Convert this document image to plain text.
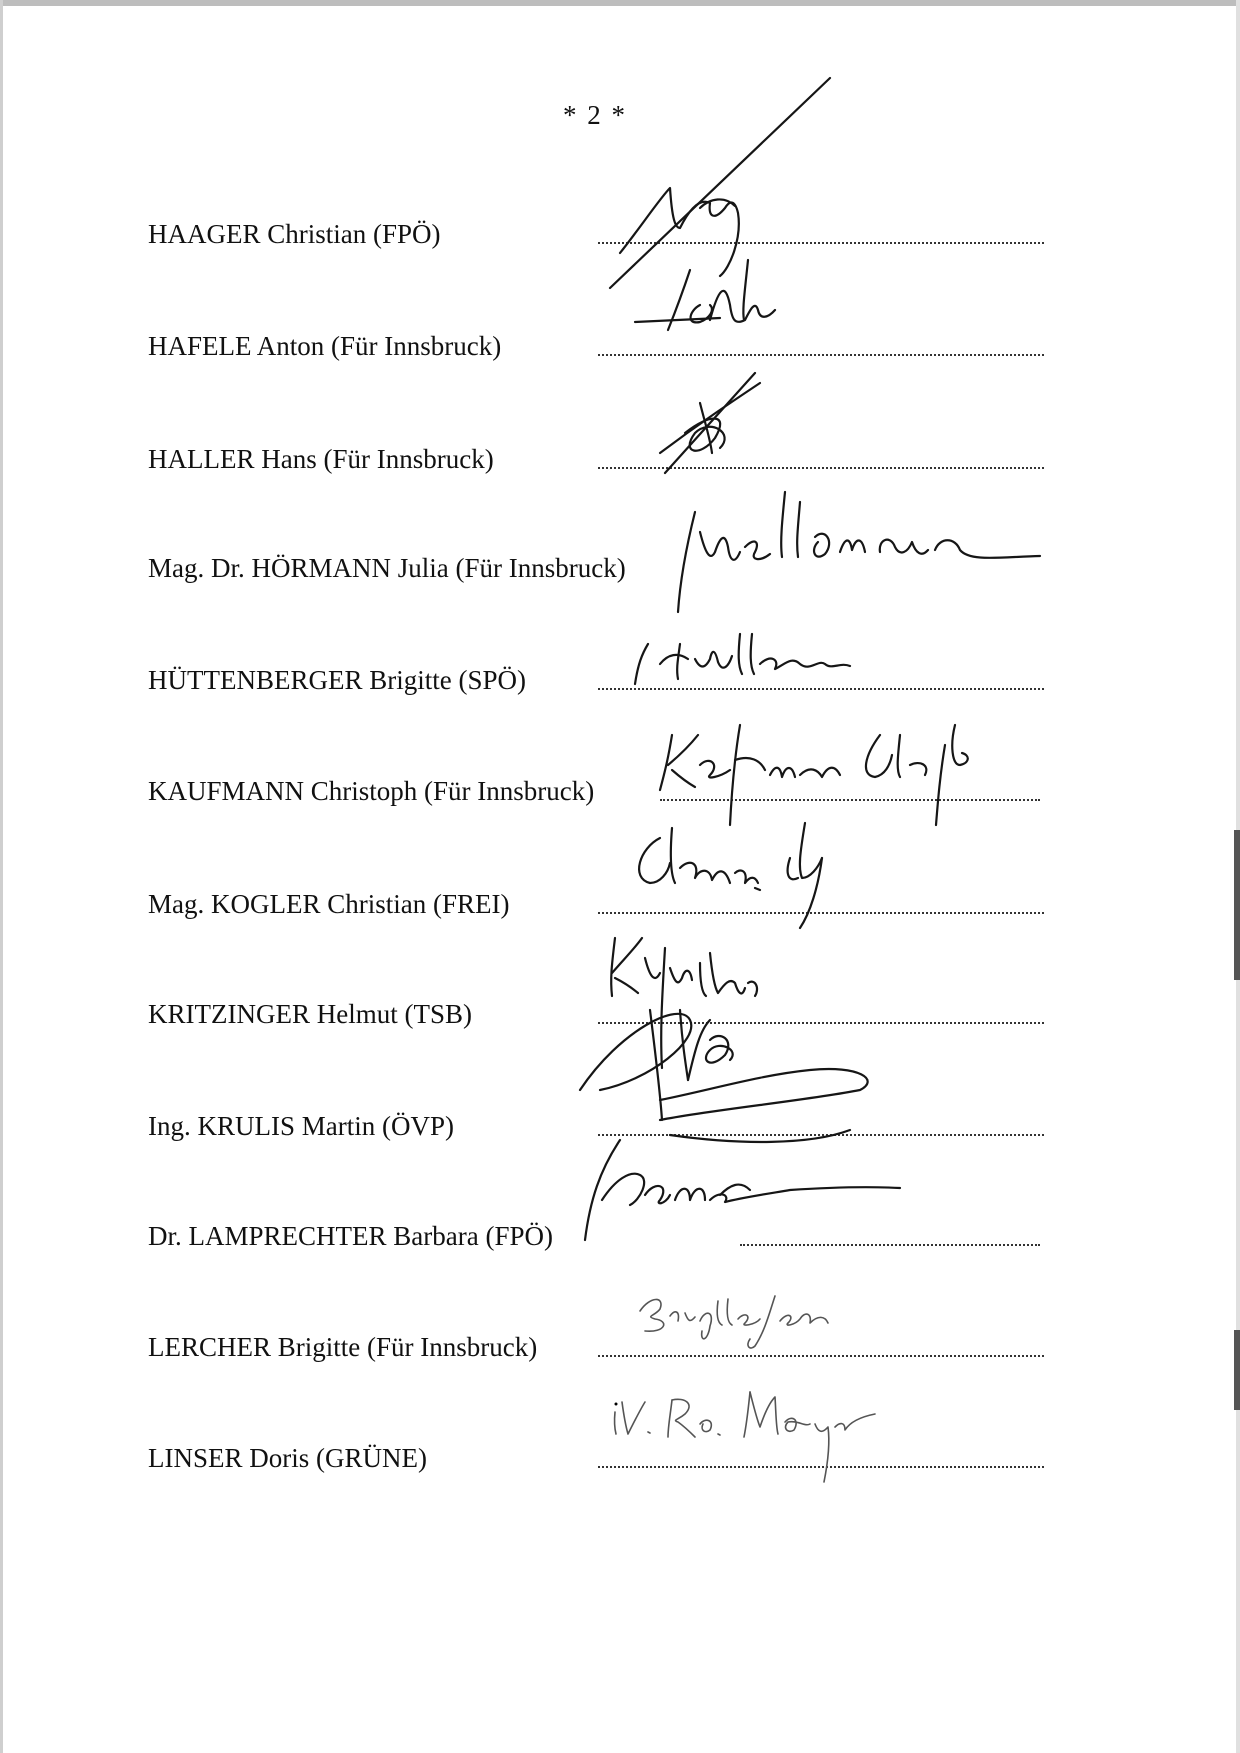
* 2 *
HAAGER Christian (FPÖ)
HAFELE Anton (Für Innsbruck)
HALLER Hans (Für Innsbruck)
Mag. Dr. HÖRMANN Julia (Für Innsbruck)
HÜTTENBERGER Brigitte (SPÖ)
KAUFMANN Christoph (Für Innsbruck)
Mag. KOGLER Christian (FREI)
KRITZINGER Helmut (TSB)
Ing. KRULIS Martin (ÖVP)
Dr. LAMPRECHTER Barbara (FPÖ)
LERCHER Brigitte (Für Innsbruck)
LINSER Doris (GRÜNE)
